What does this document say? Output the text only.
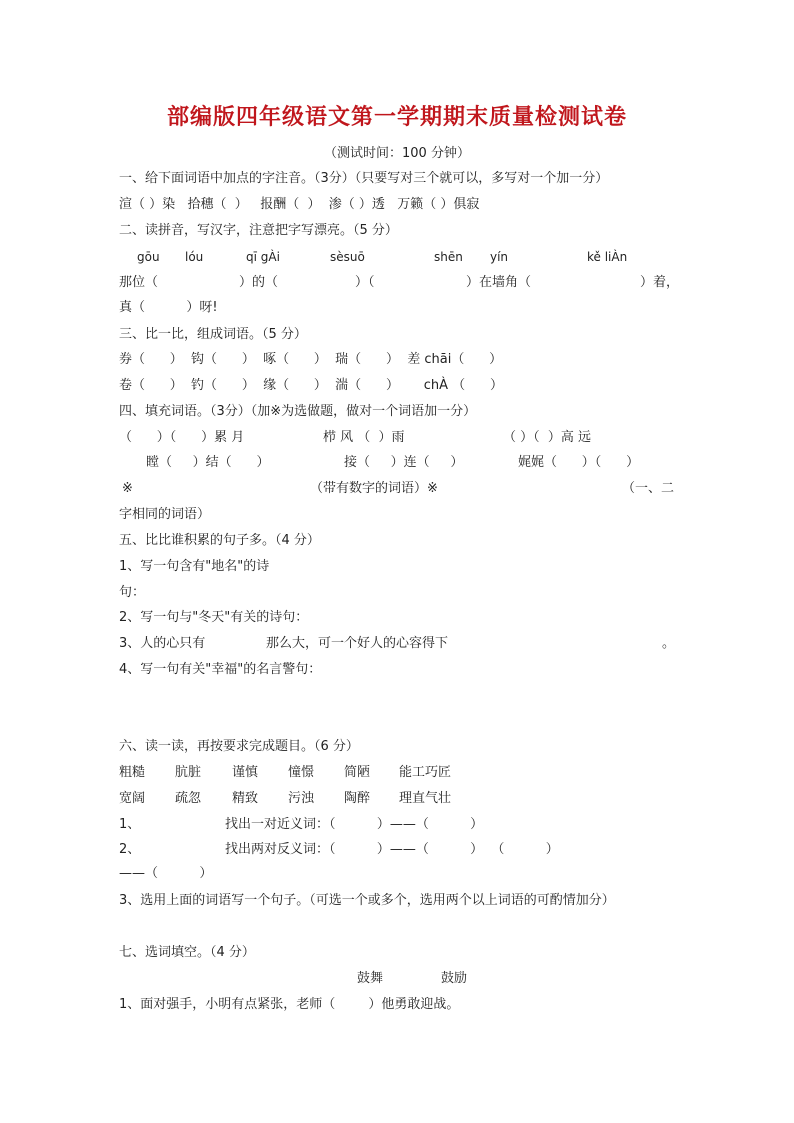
部编版四年级语文第一学期期末质量检测试卷
（测试时间：100 分钟）
一、给下面词语中加点的字注音。（3分）（只要写对三个就可以，多写对一个加一分）
渲（ ）染   拾穗（  ）   报酬（  ）  渗（ ）透   万籁（ ）俱寂
二、读拼音，写汉字，注意把字写漂亮。（5 分）
gōu lóu	qī gÀi	sèsuō	shēn yín	kě liÀn
那位（	）的（	）（	）在墙角（	）着，
真（          ）呀!
三、比一比，组成词语。（5 分）
券（      ）  钩（      ）  啄（      ）  瑞（      ）  差 chāi（      ）
卷（      ）  钓（      ）  缘（      ）  湍（      ）      chÀ （      ）
四、填充词语。（3分）（加※为选做题，做对一个词语加一分）
（      ）（      ）累 月	栉 风 （  ）雨	（ ）（  ）高 远
瞠（     ）结（      ）	接（     ）连（     ）	娓娓（      ）（      ）
※	（带有数字的词语）※	（一、二
字相同的词语）
五、比比谁积累的句子多。（4 分）
1、写一句含有"地名"的诗
句：
2、写一句与"冬天"有关的诗句：
3、人的心只有	那么大，可一个好人的心容得下	。
4、写一句有关"幸福"的名言警句：
六、读一读，再按要求完成题目。（6 分）
粗糙 肮脏 谨慎 憧憬 简陋 能工巧匠
宽阔 疏忽 精致 污浊 陶醉 理直气壮
1、	找出一对近义词：（          ）——（          ）
2、	找出两对反义词：（          ）——（          ）  （          ）
——（          ）
3、选用上面的词语写一个句子。（可选一个或多个，选用两个以上词语的可酌情加分）
七、选词填空。（4 分）
鼓舞	鼓励
1、面对强手，小明有点紧张，老师（        ）他勇敢迎战。
